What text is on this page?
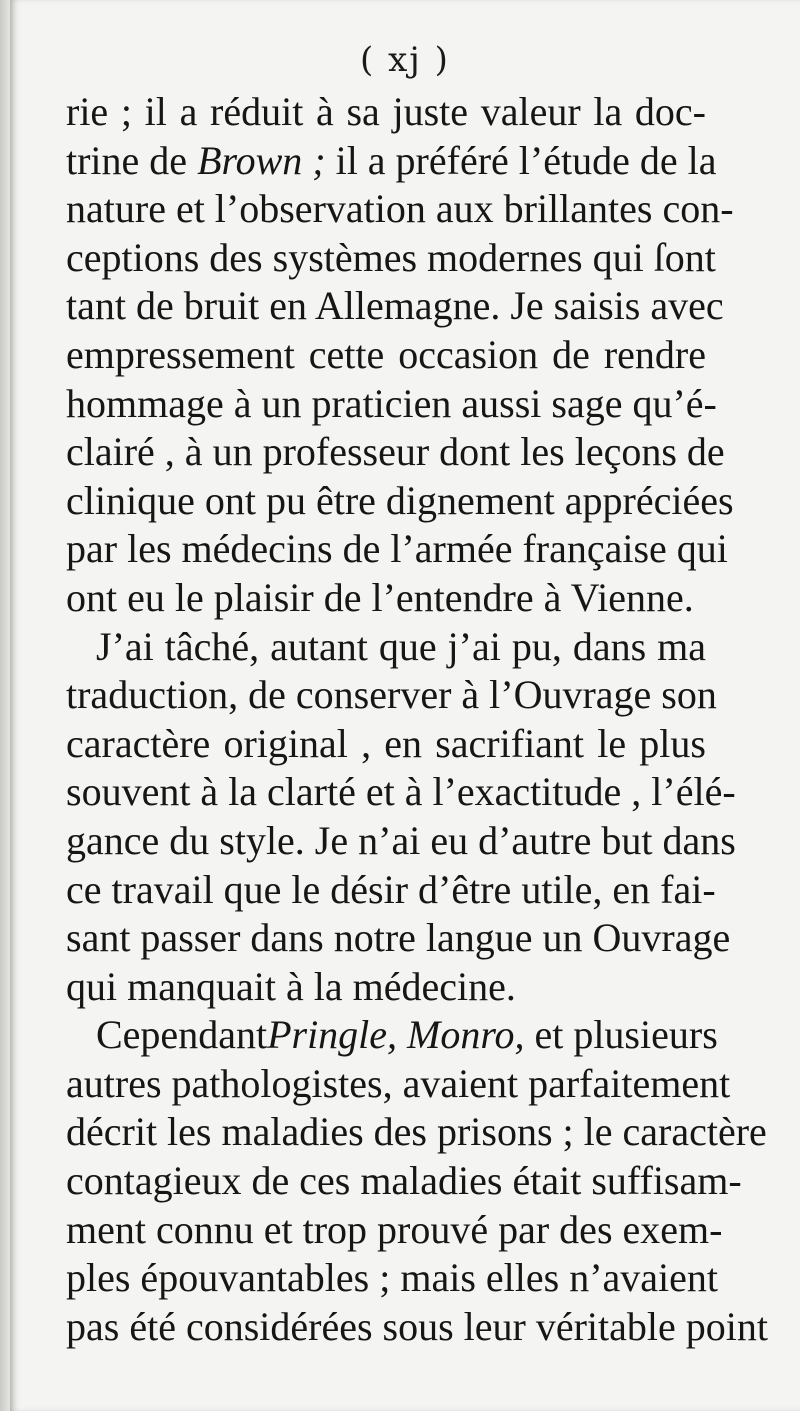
( xj )
rie ; il a réduit à sa juste valeur la doc-
trine de Brown ; il a préféré l’étude de la
nature et l’observation aux brillantes con-
ceptions des systèmes modernes qui ſont
tant de bruit en Allemagne. Je saisis avec
empressement cette occasion de rendre
hommage à un praticien aussi sage qu’é-
clairé , à un professeur dont les leçons de
clinique ont pu être dignement appréciées
par les médecins de l’armée française qui
ont eu le plaisir de l’entendre à Vienne.
J’ai tâché, autant que j’ai pu, dans ma
traduction, de conserver à l’Ouvrage son
caractère original , en sacrifiant le plus
souvent à la clarté et à l’exactitude , l’élé-
gance du style. Je n’ai eu d’autre but dans
ce travail que le désir d’être utile, en fai-
sant passer dans notre langue un Ouvrage
qui manquait à la médecine.
CependantPringle, Monro, et plusieurs
autres pathologistes, avaient parfaitement
décrit les maladies des prisons ; le caractère
contagieux de ces maladies était suffisam-
ment connu et trop prouvé par des exem-
ples épouvantables ; mais elles n’avaient
pas été considérées sous leur véritable point
